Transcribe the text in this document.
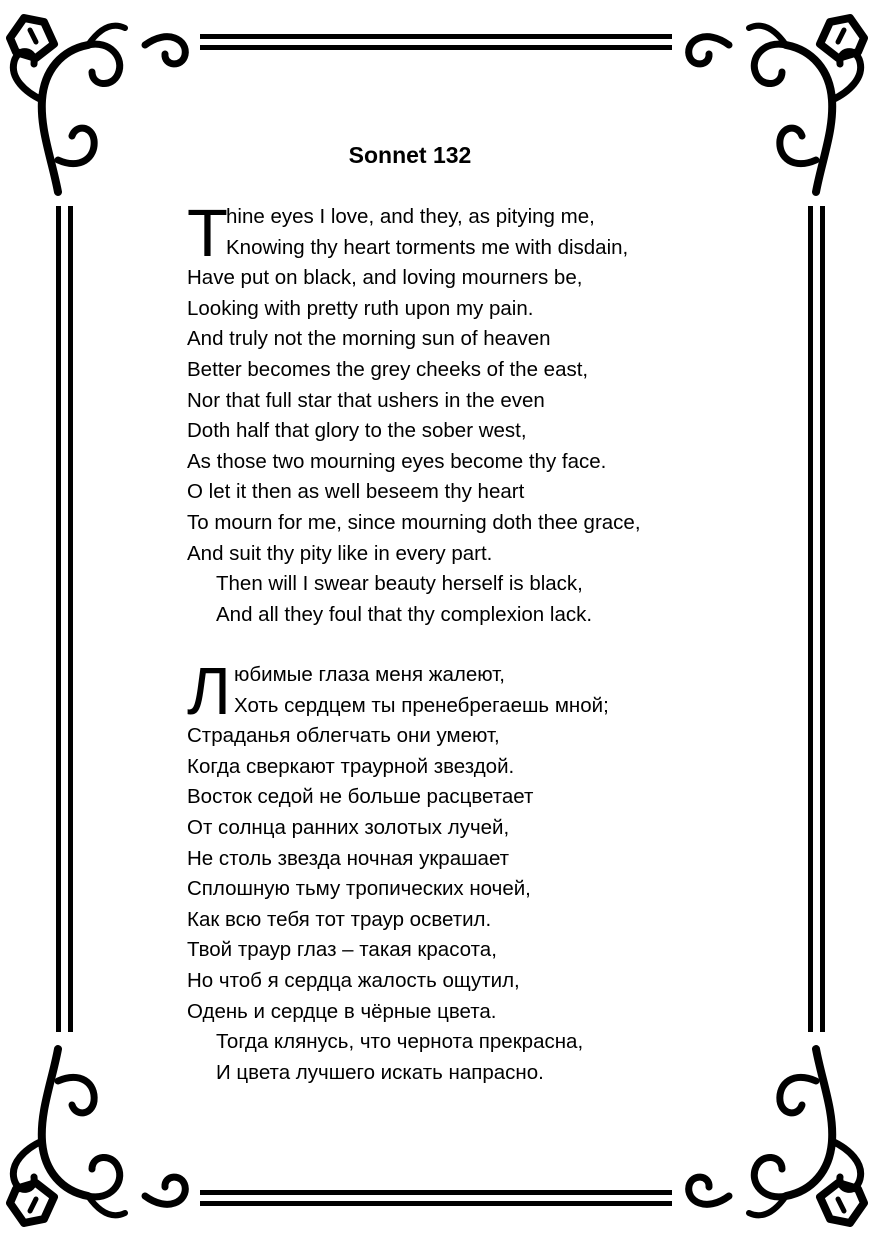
Sonnet 132
T
hine eyes I love, and they, as pitying me,
Knowing thy heart torments me with disdain,
Have put on black, and loving mourners be,
Looking with pretty ruth upon my pain.
And truly not the morning sun of heaven
Better becomes the grey cheeks of the east,
Nor that full star that ushers in the even
Doth half that glory to the sober west,
As those two mourning eyes become thy face.
O let it then as well beseem thy heart
To mourn for me, since mourning doth thee grace,
And suit thy pity like in every part.
Then will I swear beauty herself is black,
And all they foul that thy complexion lack.
Л юбимые глаза меня жалеют,
Хоть сердцем ты пренебрегаешь мной;
Страданья облегчать они умеют,
Когда сверкают траурной звездой.
Восток седой не больше расцветает
От солнца ранних золотых лучей,
Не столь звезда ночная украшает
Сплошную тьму тропических ночей,
Как всю тебя тот траур осветил.
Твой траур глаз – такая красота,
Но чтоб я сердца жалость ощутил,
Одень и сердце в чёрные цвета.
Тогда клянусь, что чернота прекрасна,
И цвета лучшего искать напрасно.
